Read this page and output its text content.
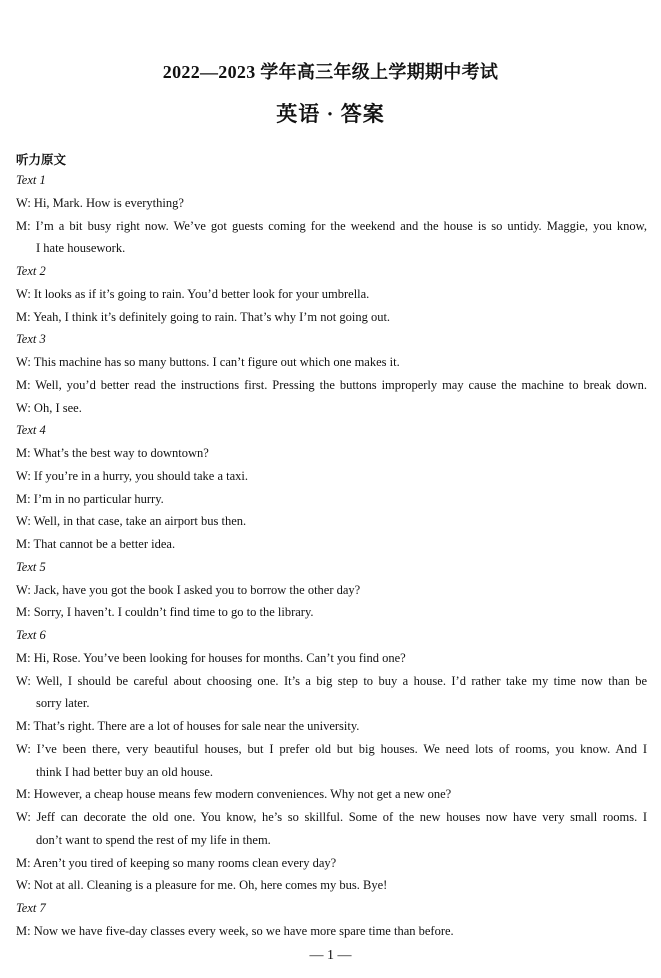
2022—2023 学年高三年级上学期期中考试
英语 · 答案
听力原文
Text 1
W: Hi, Mark. How is everything?
M: I’m a bit busy right now. We’ve got guests coming for the weekend and the house is so untidy. Maggie, you know,
I hate housework.
Text 2
W: It looks as if it’s going to rain. You’d better look for your umbrella.
M: Yeah, I think it’s definitely going to rain. That’s why I’m not going out.
Text 3
W: This machine has so many buttons. I can’t figure out which one makes it.
M: Well, you’d better read the instructions first. Pressing the buttons improperly may cause the machine to break down.
W: Oh, I see.
Text 4
M: What’s the best way to downtown?
W: If you’re in a hurry, you should take a taxi.
M: I’m in no particular hurry.
W: Well, in that case, take an airport bus then.
M: That cannot be a better idea.
Text 5
W: Jack, have you got the book I asked you to borrow the other day?
M: Sorry, I haven’t. I couldn’t find time to go to the library.
Text 6
M: Hi, Rose. You’ve been looking for houses for months. Can’t you find one?
W: Well, I should be careful about choosing one. It’s a big step to buy a house. I’d rather take my time now than be
sorry later.
M: That’s right. There are a lot of houses for sale near the university.
W: I’ve been there, very beautiful houses, but I prefer old but big houses. We need lots of rooms, you know. And I
think I had better buy an old house.
M: However, a cheap house means few modern conveniences. Why not get a new one?
W: Jeff can decorate the old one. You know, he’s so skillful. Some of the new houses now have very small rooms. I
don’t want to spend the rest of my life in them.
M: Aren’t you tired of keeping so many rooms clean every day?
W: Not at all. Cleaning is a pleasure for me. Oh, here comes my bus. Bye!
Text 7
M: Now we have five-day classes every week, so we have more spare time than before.
— 1 —
